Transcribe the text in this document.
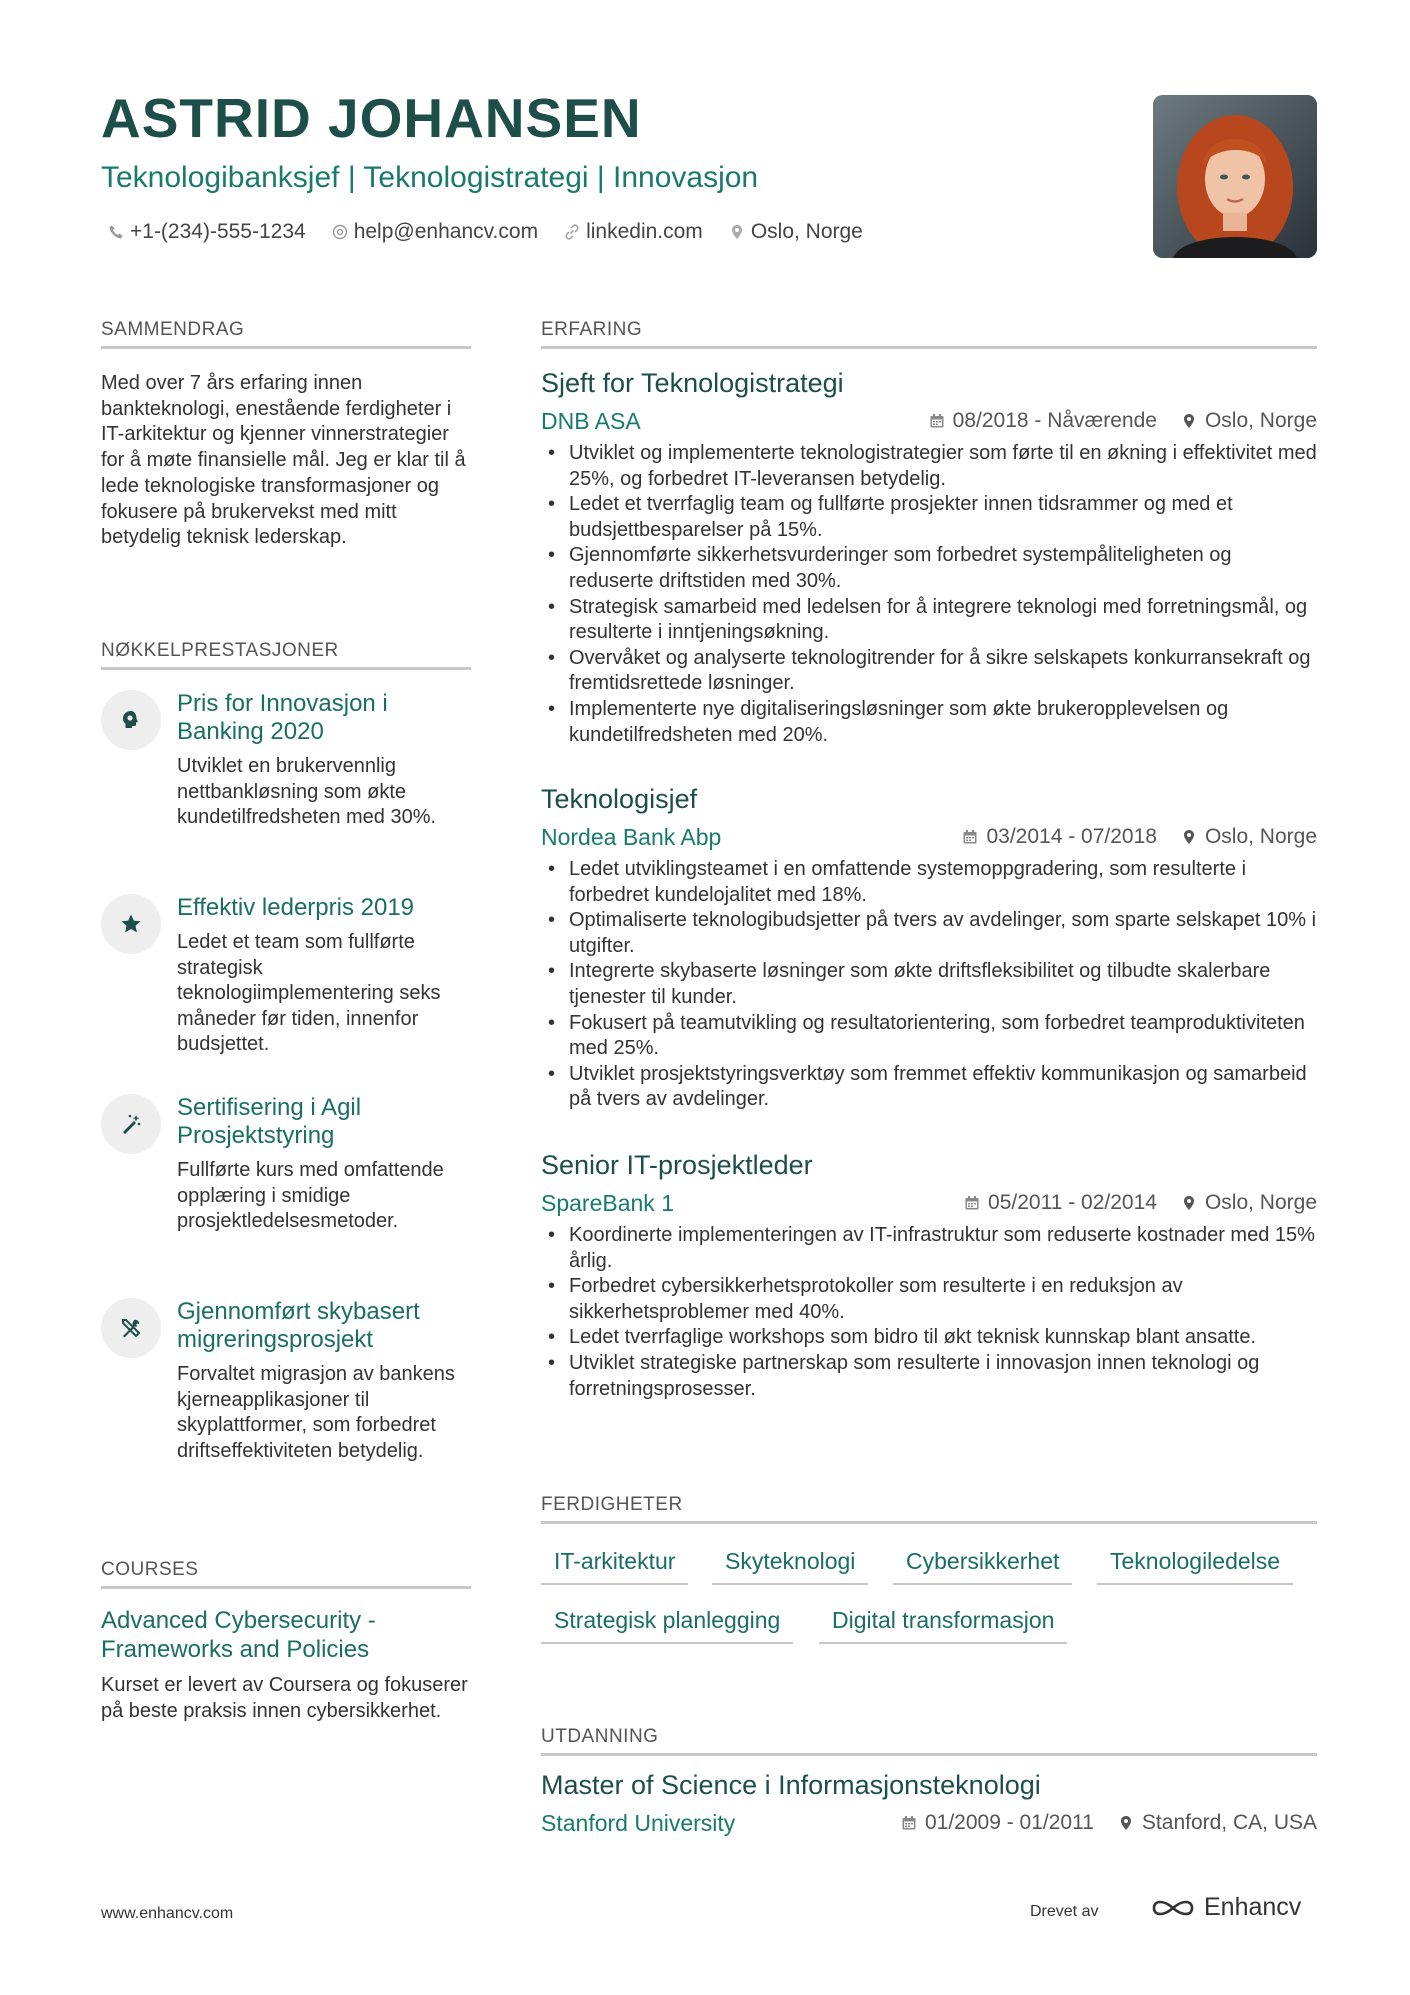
ASTRID JOHANSEN
Teknologibanksjef | Teknologistrategi | Innovasjon
+1-(234)-555-1234 help@enhancv.com linkedin.com Oslo, Norge
SAMMENDRAG
Med over 7 års erfaring innen bankteknologi, enestående ferdigheter i IT-arkitektur og kjenner vinnerstrategier for å møte finansielle mål. Jeg er klar til å lede teknologiske transformasjoner og fokusere på brukervekst med mitt betydelig teknisk lederskap.
NØKKELPRESTASJONER
Pris for Innovasjon i Banking 2020
Utviklet en brukervennlig nettbankløsning som økte kundetilfredsheten med 30%.
Effektiv lederpris 2019
Ledet et team som fullførte strategisk teknologiimplementering seks måneder før tiden, innenfor budsjettet.
Sertifisering i Agil Prosjektstyring
Fullførte kurs med omfattende opplæring i smidige prosjektledelsesmetoder.
Gjennomført skybasert migreringsprosjekt
Forvaltet migrasjon av bankens kjerneapplikasjoner til skyplattformer, som forbedret driftseffektiviteten betydelig.
COURSES
Advanced Cybersecurity - Frameworks and Policies
Kurset er levert av Coursera og fokuserer på beste praksis innen cybersikkerhet.
ERFARING
Sjeft for Teknologistrategi
DNB ASA	08/2018 - Nåværende Oslo, Norge
• Utviklet og implementerte teknologistrategier som førte til en økning i effektivitet med 25%, og forbedret IT-leveransen betydelig.
• Ledet et tverrfaglig team og fullførte prosjekter innen tidsrammer og med et budsjettbesparelser på 15%.
• Gjennomførte sikkerhetsvurderinger som forbedret systempåliteligheten og reduserte driftstiden med 30%.
• Strategisk samarbeid med ledelsen for å integrere teknologi med forretningsmål, og resulterte i inntjeningsøkning.
• Overvåket og analyserte teknologitrender for å sikre selskapets konkurransekraft og fremtidsrettede løsninger.
• Implementerte nye digitaliseringsløsninger som økte brukeropplevelsen og kundetilfredsheten med 20%.
Teknologisjef
Nordea Bank Abp	03/2014 - 07/2018 Oslo, Norge
• Ledet utviklingsteamet i en omfattende systemoppgradering, som resulterte i forbedret kundelojalitet med 18%.
• Optimaliserte teknologibudsjetter på tvers av avdelinger, som sparte selskapet 10% i utgifter.
• Integrerte skybaserte løsninger som økte driftsfleksibilitet og tilbudte skalerbare tjenester til kunder.
• Fokusert på teamutvikling og resultatorientering, som forbedret teamproduktiviteten med 25%.
• Utviklet prosjektstyringsverktøy som fremmet effektiv kommunikasjon og samarbeid på tvers av avdelinger.
Senior IT-prosjektleder
SpareBank 1	05/2011 - 02/2014 Oslo, Norge
• Koordinerte implementeringen av IT-infrastruktur som reduserte kostnader med 15% årlig.
• Forbedret cybersikkerhetsprotokoller som resulterte i en reduksjon av sikkerhetsproblemer med 40%.
• Ledet tverrfaglige workshops som bidro til økt teknisk kunnskap blant ansatte.
• Utviklet strategiske partnerskap som resulterte i innovasjon innen teknologi og forretningsprosesser.
FERDIGHETER
IT-arkitektur	Skyteknologi	Cybersikkerhet	Teknologiledelse
Strategisk planlegging	Digital transformasjon
UTDANNING
Master of Science i Informasjonsteknologi
Stanford University	01/2009 - 01/2011 Stanford, CA, USA
www.enhancv.com	Drevet av	Enhancv
